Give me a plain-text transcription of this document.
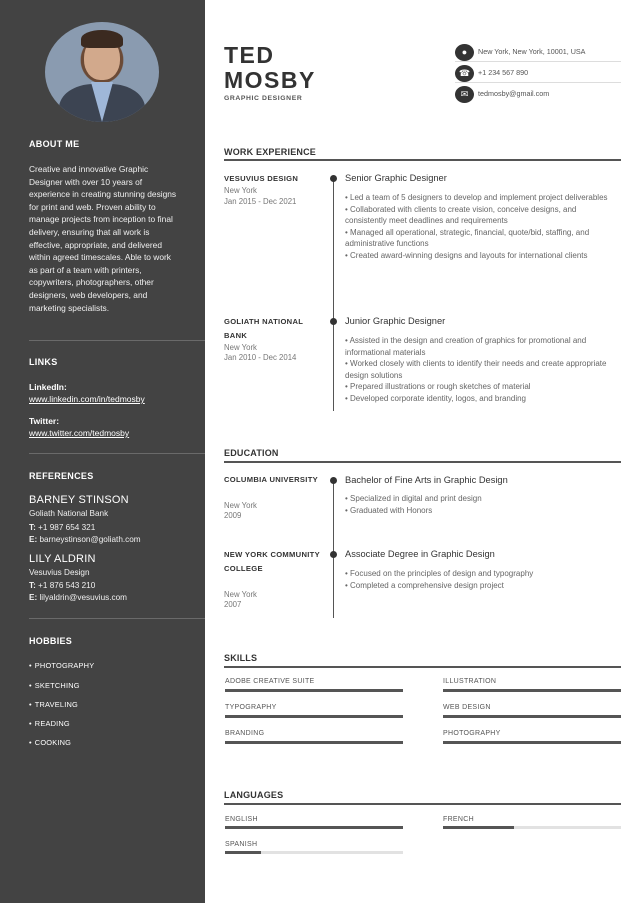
ABOUT ME
Creative and innovative Graphic Designer with over 10 years of experience in creating stunning designs for print and web. Proven ability to manage projects from inception to final delivery, ensuring that all work is effective, appropriate, and delivered within agreed timescales. Able to work as part of a team with printers, copywriters, photographers, other designers, web developers, and marketing specialists.
LINKS
LinkedIn:
www.linkedin.com/in/tedmosby
Twitter:
www.twitter.com/tedmosby
REFERENCES
BARNEY STINSON
Goliath National Bank
T: +1 987 654 321
E: barneystinson@goliath.com
LILY ALDRIN
Vesuvius Design
T: +1 876 543 210
E: lilyaldrin@vesuvius.com
HOBBIES
• PHOTOGRAPHY
• SKETCHING
• TRAVELING
• READING
• COOKING
TED
MOSBY
GRAPHIC DESIGNER
●	New York, New York, 10001, USA
☎	+1 234 567 890
✉	tedmosby@gmail.com
WORK EXPERIENCE
VESUVIUS DESIGN
New York
Jan 2015 - Dec 2021
Senior Graphic Designer
• Led a team of 5 designers to develop and implement project deliverables
• Collaborated with clients to create vision, conceive designs, and consistently meet deadlines and requirements
• Managed all operational, strategic, financial, quote/bid, staffing, and administrative functions
• Created award-winning designs and layouts for international clients
GOLIATH NATIONAL BANK
New York
Jan 2010 - Dec 2014
Junior Graphic Designer
• Assisted in the design and creation of graphics for promotional and informational materials
• Worked closely with clients to identify their needs and create appropriate design solutions
• Prepared illustrations or rough sketches of material
• Developed corporate identity, logos, and branding
EDUCATION
COLUMBIA UNIVERSITY
New York
2009
Bachelor of Fine Arts in Graphic Design
• Specialized in digital and print design
• Graduated with Honors
NEW YORK COMMUNITY COLLEGE
New York
2007
Associate Degree in Graphic Design
• Focused on the principles of design and typography
• Completed a comprehensive design project
SKILLS
ADOBE CREATIVE SUITE	ILLUSTRATION
TYPOGRAPHY	WEB DESIGN
BRANDING	PHOTOGRAPHY
LANGUAGES
ENGLISH	FRENCH
SPANISH
